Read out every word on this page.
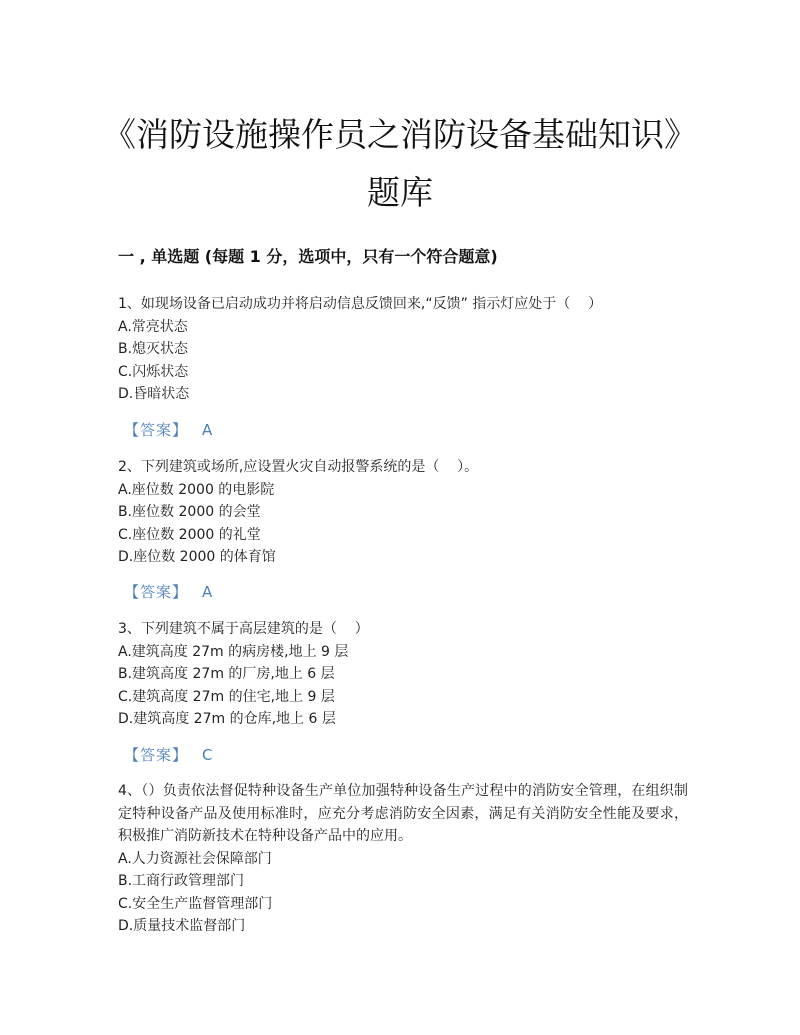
《消防设施操作员之消防设备基础知识》题库
一 , 单选题 (每题 1 分，选项中，只有一个符合题意)

1、如现场设备已启动成功并将启动信息反馈回来,“反馈” 指示灯应处于（    ）

A.常亮状态

B.熄灭状态

C.闪烁状态

D.昏暗状态

【答案】 A

2、下列建筑或场所,应设置火灾自动报警系统的是（    ）。

A.座位数 2000 的电影院

B.座位数 2000 的会堂

C.座位数 2000 的礼堂

D.座位数 2000 的体育馆

【答案】 A

3、下列建筑不属于高层建筑的是（    ）

A.建筑高度 27m 的病房楼,地上 9 层

B.建筑高度 27m 的厂房,地上 6 层

C.建筑高度 27m 的住宅,地上 9 层

D.建筑高度 27m 的仓库,地上 6 层

【答案】 C

4、（）负责依法督促特种设备生产单位加强特种设备生产过程中的消防安全管理，在组织制定特种设备产品及使用标准时，应充分考虑消防安全因素，满足有关消防安全性能及要求，积极推广消防新技术在特种设备产品中的应用。

A.人力资源社会保障部门

B.工商行政管理部门

C.安全生产监督管理部门

D.质量技术监督部门
